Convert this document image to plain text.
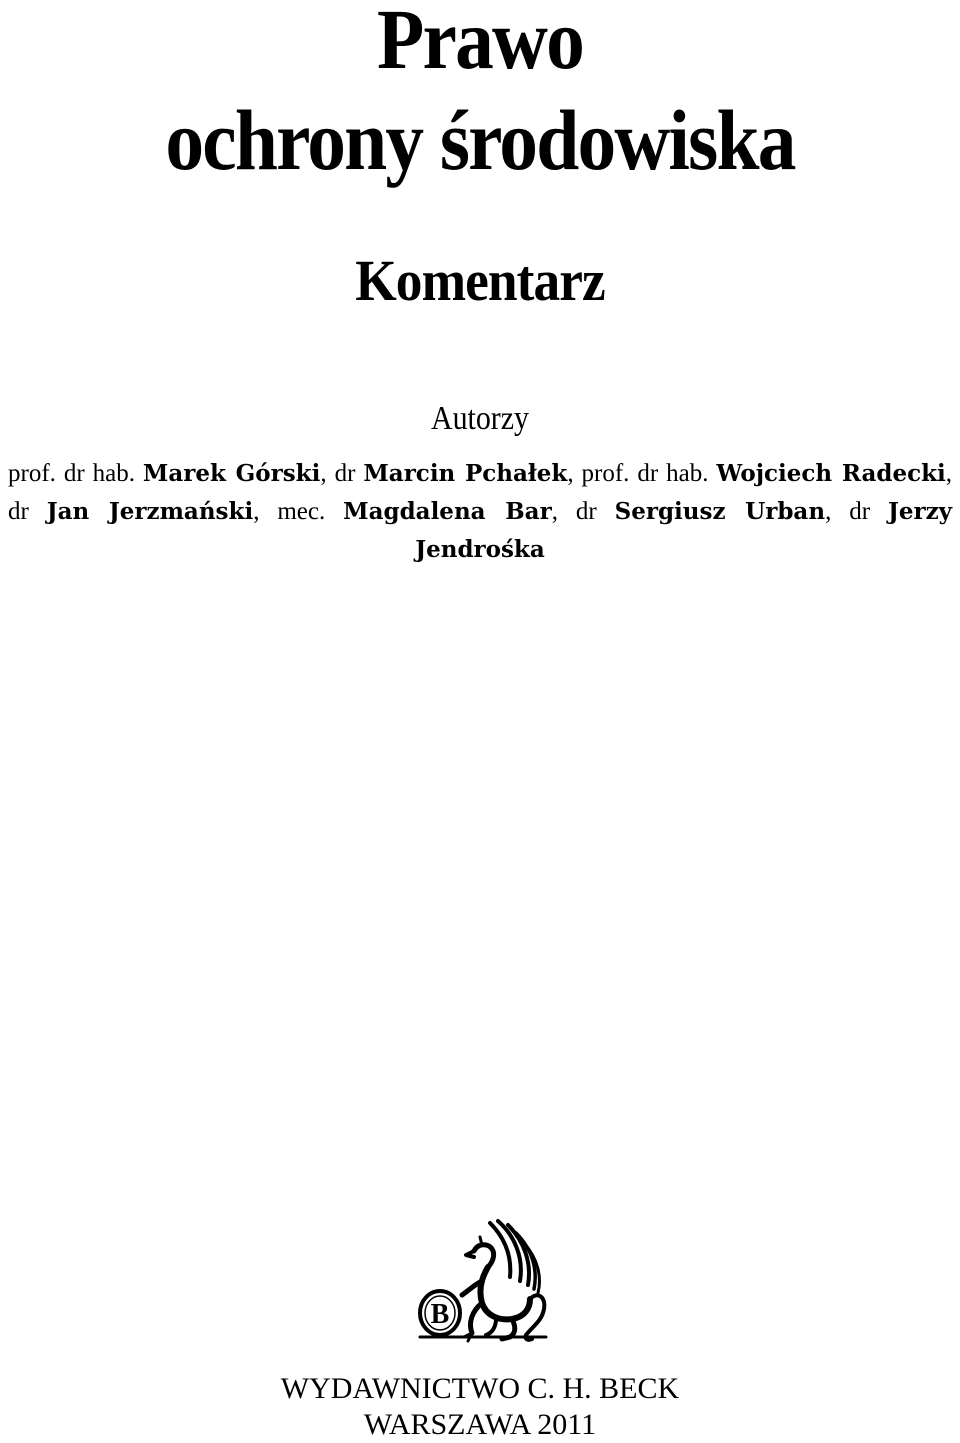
Prawo
ochrony środowiska
Komentarz
Autorzy
prof. dr hab. Marek Górski, dr Marcin Pchałek, prof. dr hab. Wojciech Radecki, dr Jan Jerzmański, mec. Magdalena Bar, dr Sergiusz Urban, dr Jerzy Jendrośka
B
WYDAWNICTWO C. H. BECK
WARSZAWA 2011
